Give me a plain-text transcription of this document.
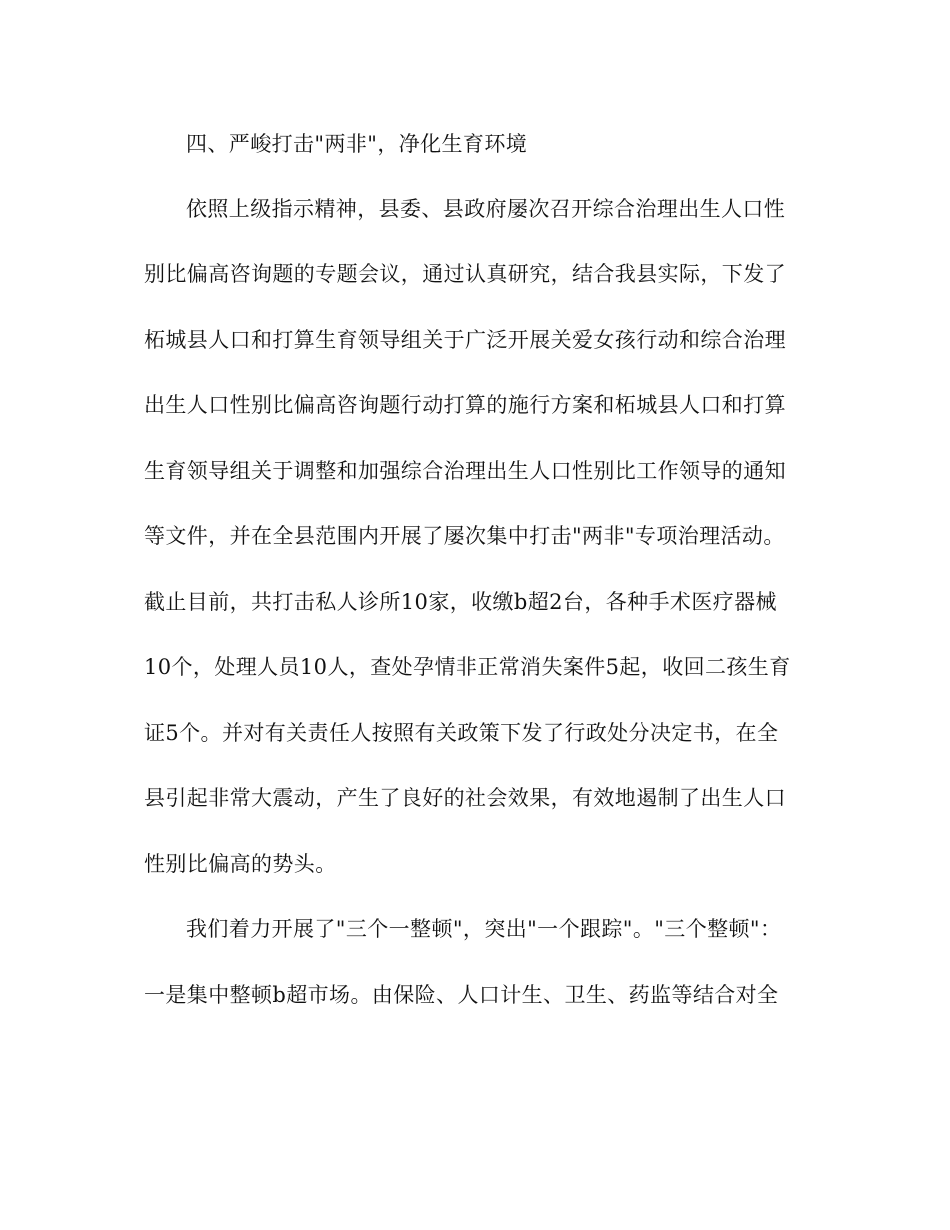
四、严峻打击"两非"，净化生育环境
依照上级指示精神，县委、县政府屡次召开综合治理出生人口性
别比偏高咨询题的专题会议，通过认真研究，结合我县实际，下发了
柘城县人口和打算生育领导组关于广泛开展关爱女孩行动和综合治理
出生人口性别比偏高咨询题行动打算的施行方案和柘城县人口和打算
生育领导组关于调整和加强综合治理出生人口性别比工作领导的通知
等文件，并在全县范围内开展了屡次集中打击"两非"专项治理活动。
截止目前，共打击私人诊所10家，收缴b超2台，各种手术医疗器械
10个，处理人员10人，查处孕情非正常消失案件5起，收回二孩生育
证5个。并对有关责任人按照有关政策下发了行政处分决定书，在全
县引起非常大震动，产生了良好的社会效果，有效地遏制了出生人口
性别比偏高的势头。
我们着力开展了"三个一整顿"，突出"一个跟踪"。"三个整顿"：
一是集中整顿b超市场。由保险、人口计生、卫生、药监等结合对全
